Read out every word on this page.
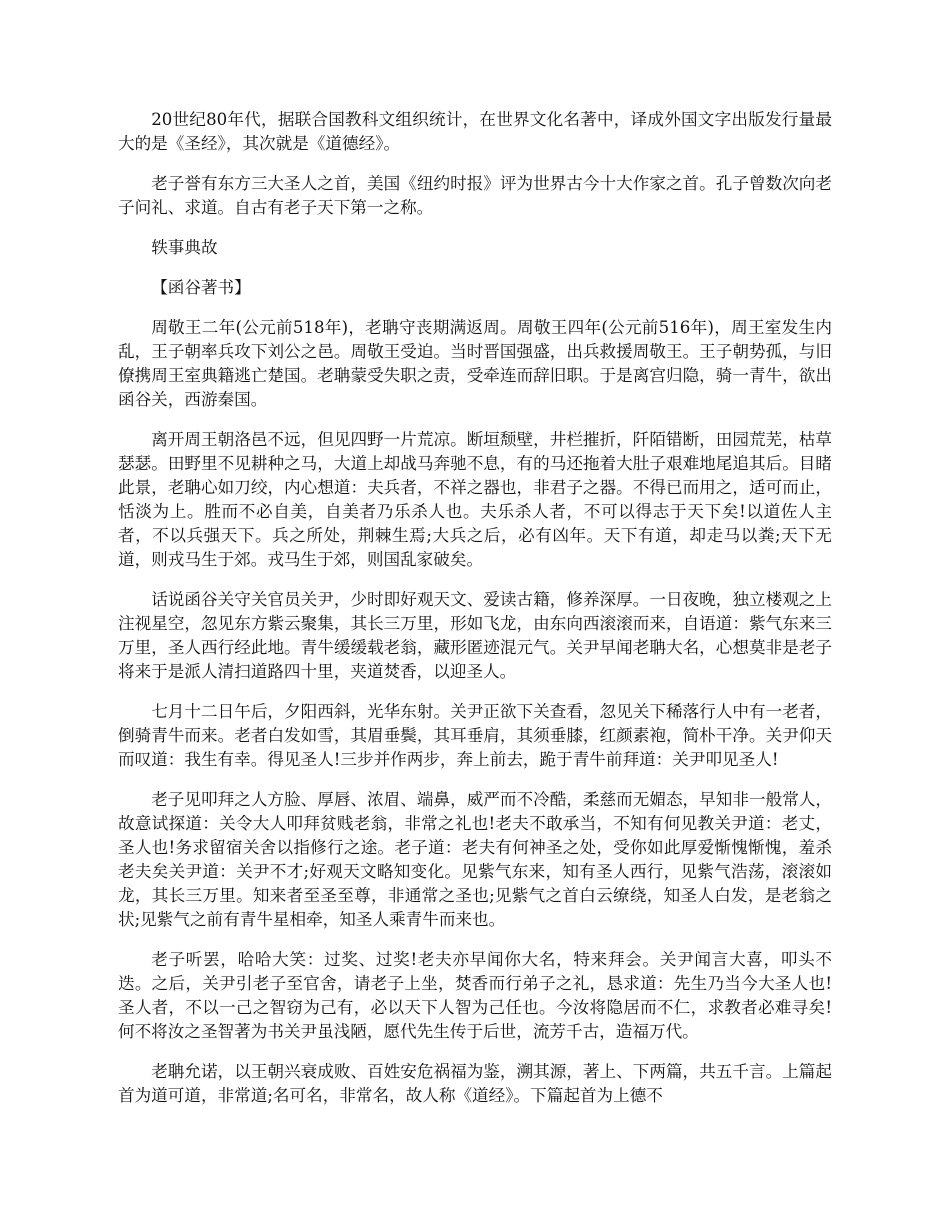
20世纪80年代，据联合国教科文组织统计，在世界文化名著中，译成外国文字出版发行量最大的是《圣经》，其次就是《道德经》。

老子誉有东方三大圣人之首，美国《纽约时报》评为世界古今十大作家之首。孔子曾数次向老子问礼、求道。自古有老子天下第一之称。

轶事典故

【函谷著书】

周敬王二年(公元前518年)，老聃守丧期满返周。周敬王四年(公元前516年)，周王室发生内乱，王子朝率兵攻下刘公之邑。周敬王受迫。当时晋国强盛，出兵救援周敬王。王子朝势孤，与旧僚携周王室典籍逃亡楚国。老聃蒙受失职之责，受牵连而辞旧职。于是离宫归隐，骑一青牛，欲出函谷关，西游秦国。

离开周王朝洛邑不远，但见四野一片荒凉。断垣颓壁，井栏摧折，阡陌错断，田园荒芜，枯草瑟瑟。田野里不见耕种之马，大道上却战马奔驰不息，有的马还拖着大肚子艰难地尾追其后。目睹此景，老聃心如刀绞，内心想道：夫兵者，不祥之器也，非君子之器。不得已而用之，适可而止，恬淡为上。胜而不必自美，自美者乃乐杀人也。夫乐杀人者，不可以得志于天下矣!以道佐人主者，不以兵强天下。兵之所处，荆棘生焉;大兵之后，必有凶年。天下有道，却走马以粪;天下无道，则戎马生于郊。戎马生于郊，则国乱家破矣。

话说函谷关守关官员关尹，少时即好观天文、爱读古籍，修养深厚。一日夜晚，独立楼观之上注视星空，忽见东方紫云聚集，其长三万里，形如飞龙，由东向西滚滚而来，自语道：紫气东来三万里，圣人西行经此地。青牛缓缓载老翁，藏形匿迹混元气。关尹早闻老聃大名，心想莫非是老子将来于是派人清扫道路四十里，夹道焚香，以迎圣人。

七月十二日午后，夕阳西斜，光华东射。关尹正欲下关查看，忽见关下稀落行人中有一老者，倒骑青牛而来。老者白发如雪，其眉垂鬓，其耳垂肩，其须垂膝，红颜素袍，简朴干净。关尹仰天而叹道：我生有幸。得见圣人!三步并作两步，奔上前去，跪于青牛前拜道：关尹叩见圣人!

老子见叩拜之人方脸、厚唇、浓眉、端鼻，威严而不冷酷，柔慈而无媚态，早知非一般常人，故意试探道：关令大人叩拜贫贱老翁，非常之礼也!老夫不敢承当，不知有何见教关尹道：老丈，圣人也!务求留宿关舍以指修行之途。老子道：老夫有何神圣之处，受你如此厚爱惭愧惭愧，羞杀老夫矣关尹道：关尹不才;好观天文略知变化。见紫气东来，知有圣人西行，见紫气浩荡，滚滚如龙，其长三万里。知来者至圣至尊，非通常之圣也;见紫气之首白云缭绕，知圣人白发，是老翁之状;见紫气之前有青牛星相牵，知圣人乘青牛而来也。

老子听罢，哈哈大笑：过奖、过奖!老夫亦早闻你大名，特来拜会。关尹闻言大喜，叩头不迭。之后，关尹引老子至官舍，请老子上坐，焚香而行弟子之礼，恳求道：先生乃当今大圣人也!圣人者，不以一己之智窃为己有，必以天下人智为己任也。今汝将隐居而不仁，求教者必难寻矣!何不将汝之圣智著为书关尹虽浅陋，愿代先生传于后世，流芳千古，造福万代。

老聃允诺，以王朝兴衰成败、百姓安危祸福为鉴，溯其源，著上、下两篇，共五千言。上篇起首为道可道，非常道;名可名，非常名，故人称《道经》。下篇起首为上德不
